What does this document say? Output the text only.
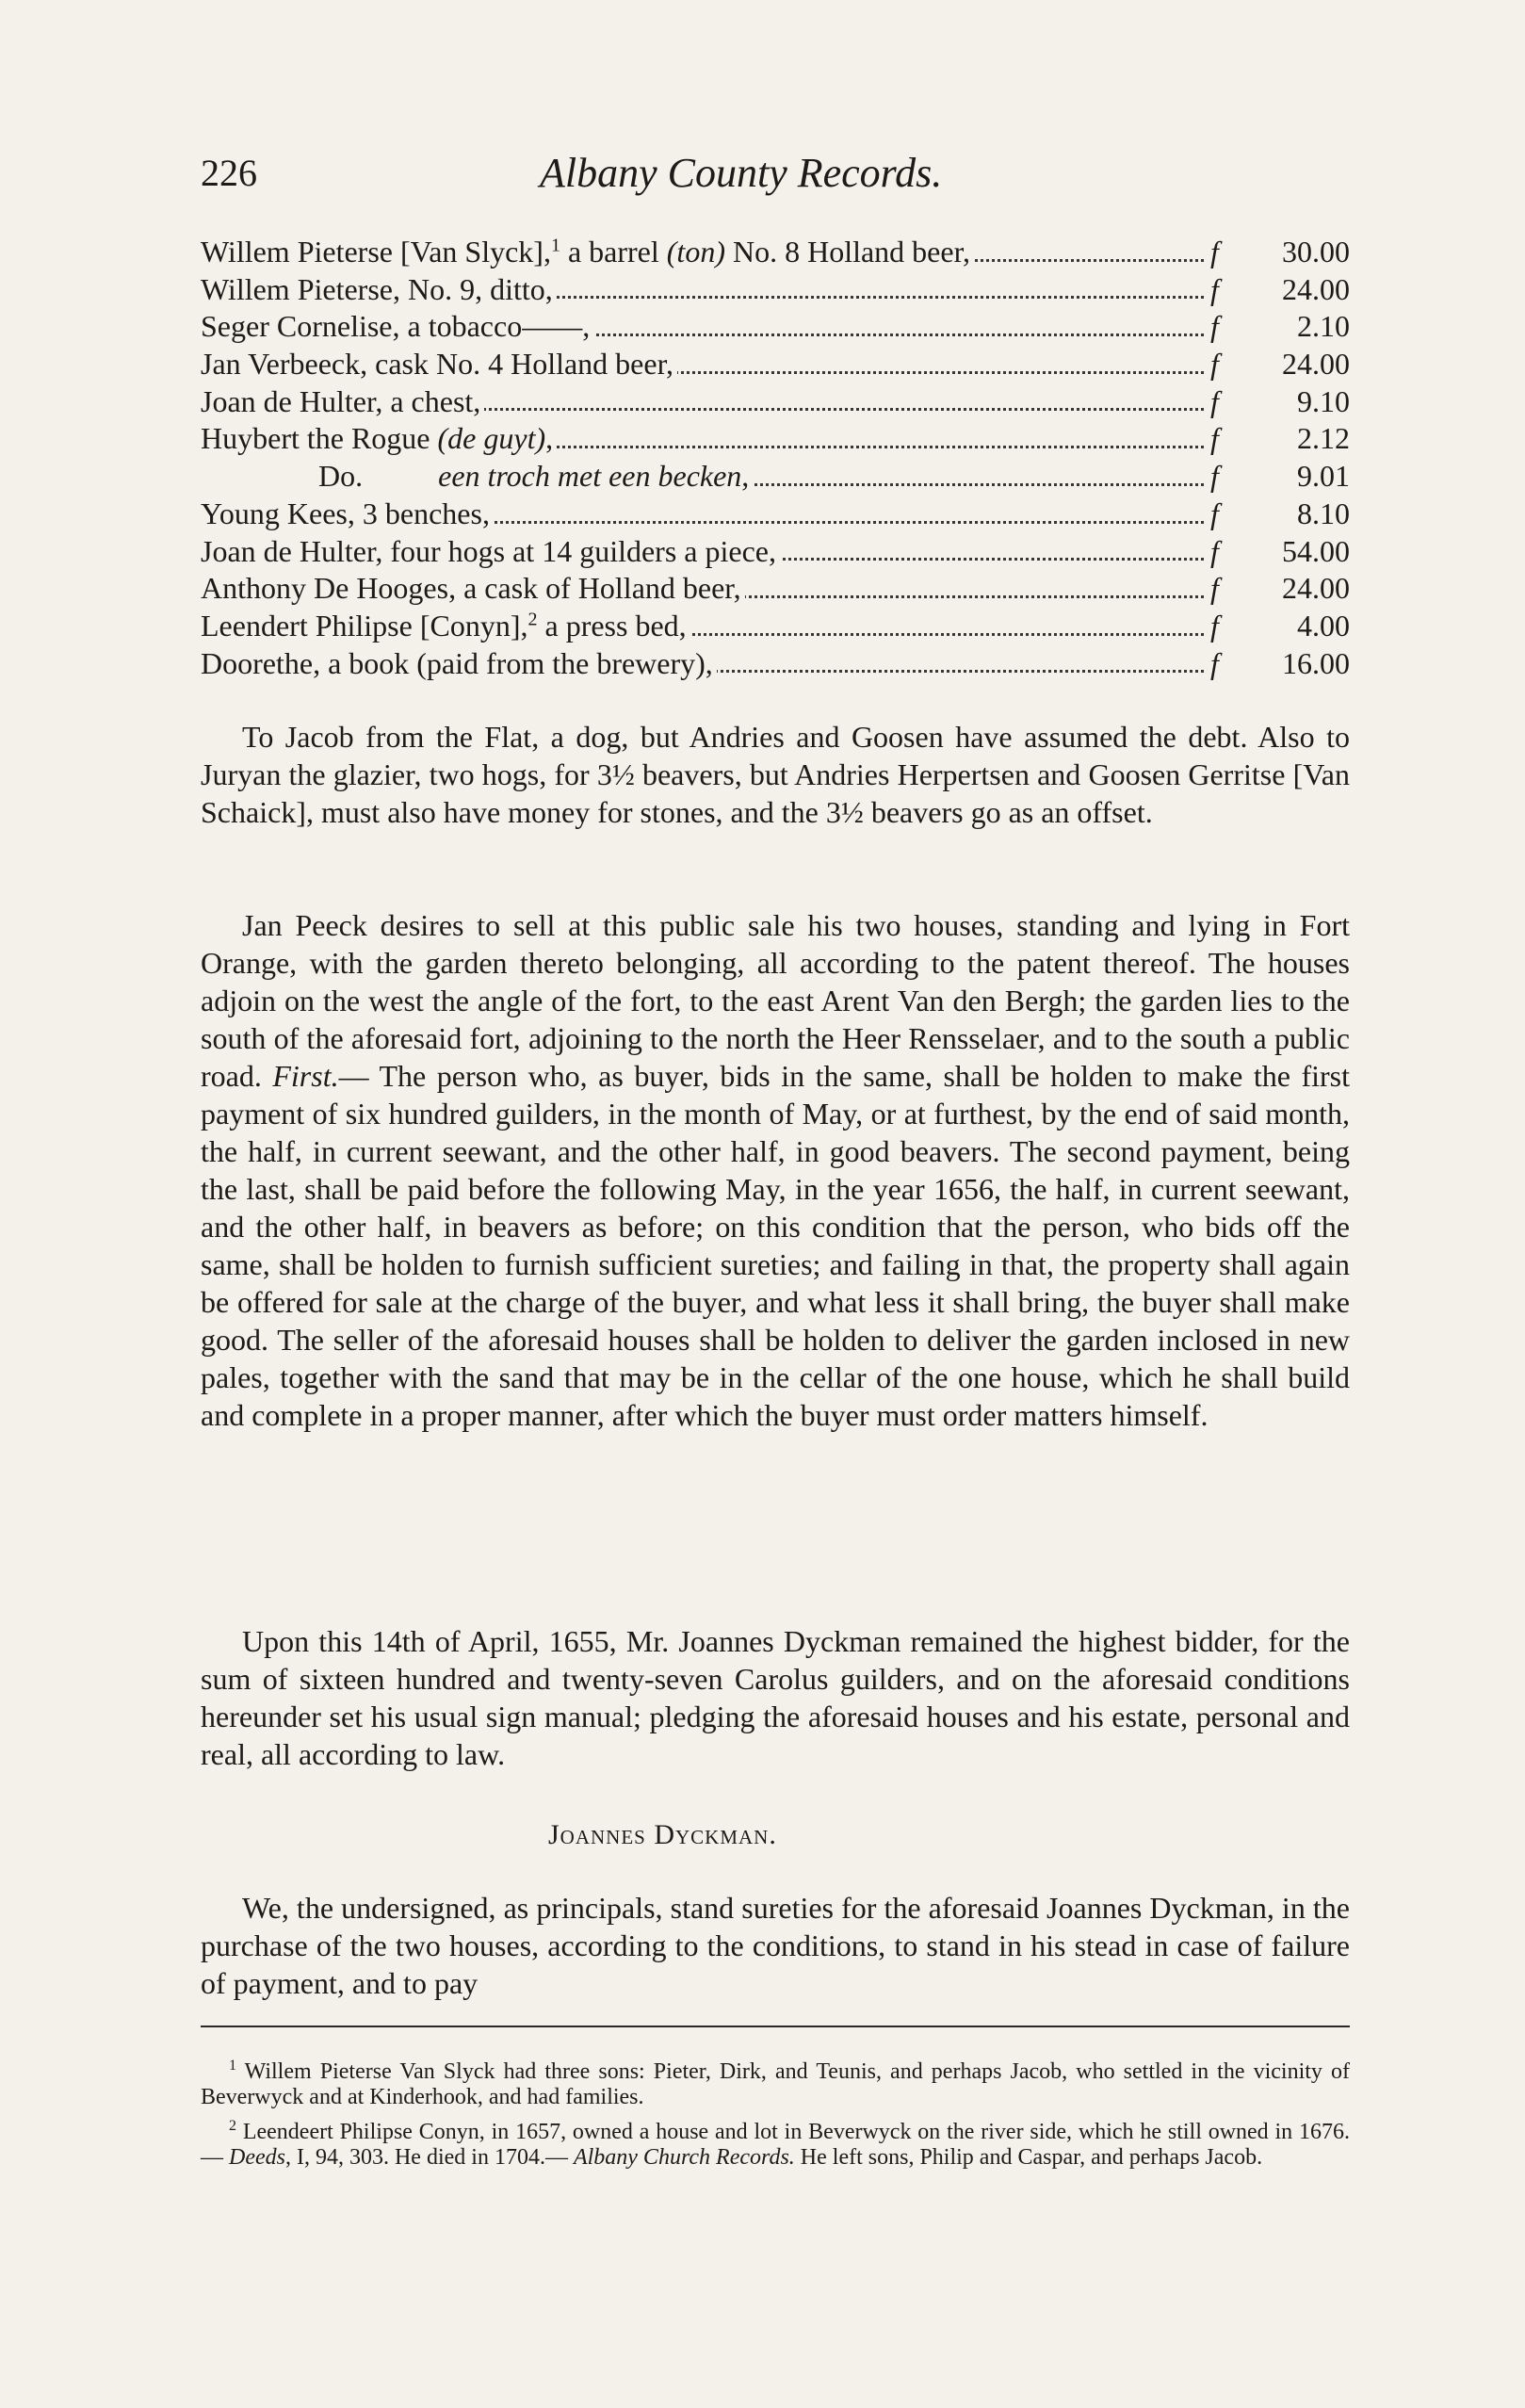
226	Albany County Records.
Willem Pieterse [Van Slyck],$^1$ a barrel (ton) No. 8 Holland beer,	f	30.00
Willem Pieterse, No. 9, ditto,	f	24.00
Seger Cornelise, a tobacco——,	f	2.10
Jan Verbeeck, cask No. 4 Holland beer,	f	24.00
Joan de Hulter, a chest,	f	9.10
Huybert the Rogue (de guyt),	f	2.12
Do.	een troch met een becken,	f	9.01
Young Kees, 3 benches,	f	8.10
Joan de Hulter, four hogs at 14 guilders a piece,	f	54.00
Anthony De Hooges, a cask of Holland beer,	f	24.00
Leendert Philipse [Conyn],$^2$ a press bed,	f	4.00
Doorethe, a book (paid from the brewery),	f	16.00

To Jacob from the Flat, a dog, but Andries and Goosen have assumed the debt. Also to Juryan the glazier, two hogs, for 3½ beavers, but Andries Herpertsen and Goosen Gerritse [Van Schaick], must also have money for stones, and the 3½ beavers go as an offset.

Jan Peeck desires to sell at this public sale his two houses, standing and lying in Fort Orange, with the garden thereto belonging, all according to the patent thereof. The houses adjoin on the west the angle of the fort, to the east Arent Van den Bergh; the garden lies to the south of the aforesaid fort, adjoining to the north the Heer Rensselaer, and to the south a public road. First.— The person who, as buyer, bids in the same, shall be holden to make the first payment of six hundred guilders, in the month of May, or at furthest, by the end of said month, the half, in current seewant, and the other half, in good beavers. The second payment, being the last, shall be paid before the following May, in the year 1656, the half, in current seewant, and the other half, in beavers as before; on this condition that the person, who bids off the same, shall be holden to furnish sufficient sureties; and failing in that, the property shall again be offered for sale at the charge of the buyer, and what less it shall bring, the buyer shall make good. The seller of the aforesaid houses shall be holden to deliver the garden inclosed in new pales, together with the sand that may be in the cellar of the one house, which he shall build and complete in a proper manner, after which the buyer must order matters himself.

Upon this 14th of April, 1655, Mr. Joannes Dyckman remained the highest bidder, for the sum of sixteen hundred and twenty-seven Carolus guilders, and on the aforesaid conditions hereunder set his usual sign manual; pledging the aforesaid houses and his estate, personal and real, all according to law.

Joannes Dyckman.

We, the undersigned, as principals, stand sureties for the aforesaid Joannes Dyckman, in the purchase of the two houses, according to the conditions, to stand in his stead in case of failure of payment, and to pay

$^1$ Willem Pieterse Van Slyck had three sons: Pieter, Dirk, and Teunis, and perhaps Jacob, who settled in the vicinity of Beverwyck and at Kinderhook, and had families.

$^2$ Leendeert Philipse Conyn, in 1657, owned a house and lot in Beverwyck on the river side, which he still owned in 1676.— Deeds, I, 94, 303. He died in 1704.— Albany Church Records. He left sons, Philip and Caspar, and perhaps Jacob.
